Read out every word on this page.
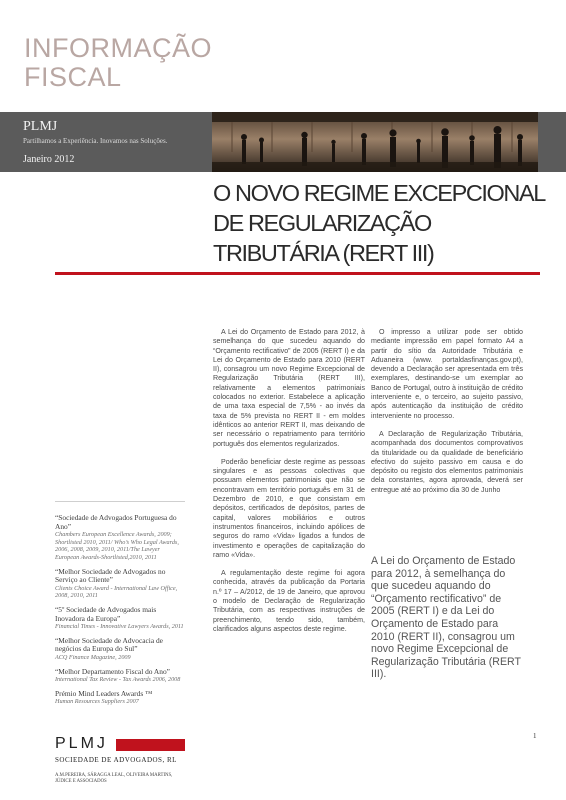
INFORMAÇÃO
FISCAL
PLMJ
Partilhamos a Experiência. Inovamos nas Soluções.
Janeiro 2012
O NOVO REGIME EXCEPCIONAL
DE REGULARIZAÇÃO
TRIBUTÁRIA (RERT III)

A Lei do Orçamento de Estado para 2012, à semelhança do que sucedeu aquando do “Orçamento rectificativo” de 2005 (RERT I) e da Lei do Orçamento de Estado para 2010 (RERT II), consagrou um novo Regime Excepcional de Regularização Tributária (RERT III), relativamente a elementos patrimoniais colocados no exterior. Estabelece a aplicação de uma taxa especial de 7,5% - ao invés da taxa de 5% prevista no RERT II - em moldes idênticos ao anterior RERT II, mas deixando de ser necessário o repatriamento para território português dos elementos regularizados.

Poderão beneficiar deste regime as pessoas singulares e as pessoas colectivas que possuam elementos patrimoniais que não se encontravam em território português em 31 de Dezembro de 2010, e que consistam em depósitos, certificados de depósitos, partes de capital, valores mobiliários e outros instrumentos financeiros, incluindo apólices de seguros do ramo «Vida» ligados a fundos de investimento e operações de capitalização do ramo «Vida».

A regulamentação deste regime foi agora conhecida, através da publicação da Portaria n.º 17 – A/2012, de 19 de Janeiro, que aprovou o modelo de Declaração de Regularização Tributária, com as respectivas instruções de preenchimento, tendo sido, também, clarificados alguns aspectos deste regime.

O impresso a utilizar pode ser obtido mediante impressão em papel formato A4 a partir do sítio da Autoridade Tributária e Aduaneira (www. portaldasfinanças.gov.pt), devendo a Declaração ser apresentada em três exemplares, destinando-se um exemplar ao Banco de Portugal, outro à instituição de crédito interveniente e, o terceiro, ao sujeito passivo, após autenticação da instituição de crédito interveniente no processo.

A Declaração de Regularização Tributária, acompanhada dos documentos comprovativos da titularidade ou da qualidade de beneficiário efectivo do sujeito passivo em causa e do depósito ou registo dos elementos patrimoniais dela constantes, agora aprovada, deverá ser entregue até ao próximo dia 30 de Junho

A Lei do Orçamento de Estado para 2012, à semelhança do que sucedeu aquando do “Orçamento rectificativo” de 2005 (RERT I) e da Lei do Orçamento de Estado para 2010 (RERT II), consagrou um novo Regime Excepcional de Regularização Tributária (RERT III).
“Sociedade de Advogados Portuguesa do Ano”
Chambers European Excellence Awards, 2009; Shortlisted 2010, 2011/ Who’s Who Legal Awards, 2006, 2008, 2009, 2010, 2011/The Lawyer European Awards-Shortlisted,2010, 2011
“Melhor Sociedade de Advogados no Serviço ao Cliente”
Clients Choice Award - International Law Office, 2008, 2010, 2011
“5º Sociedade de Advogados mais Inovadora da Europa”
Financial Times - Innovative Lawyers Awards, 2011
“Melhor Sociedade de Advocacia de negócios da Europa do Sul”
ACQ Finance Magazine, 2009
“Melhor Departamento Fiscal do Ano”
International Tax Review - Tax Awards 2006, 2008
Prémio Mind Leaders Awards ™
Human Resources Suppliers 2007
PLMJ
SOCIEDADE DE ADVOGADOS, RL
A.M.PEREIRA, SÁRAGGA LEAL, OLIVEIRA MARTINS, JÚDICE E ASSOCIADOS
1
